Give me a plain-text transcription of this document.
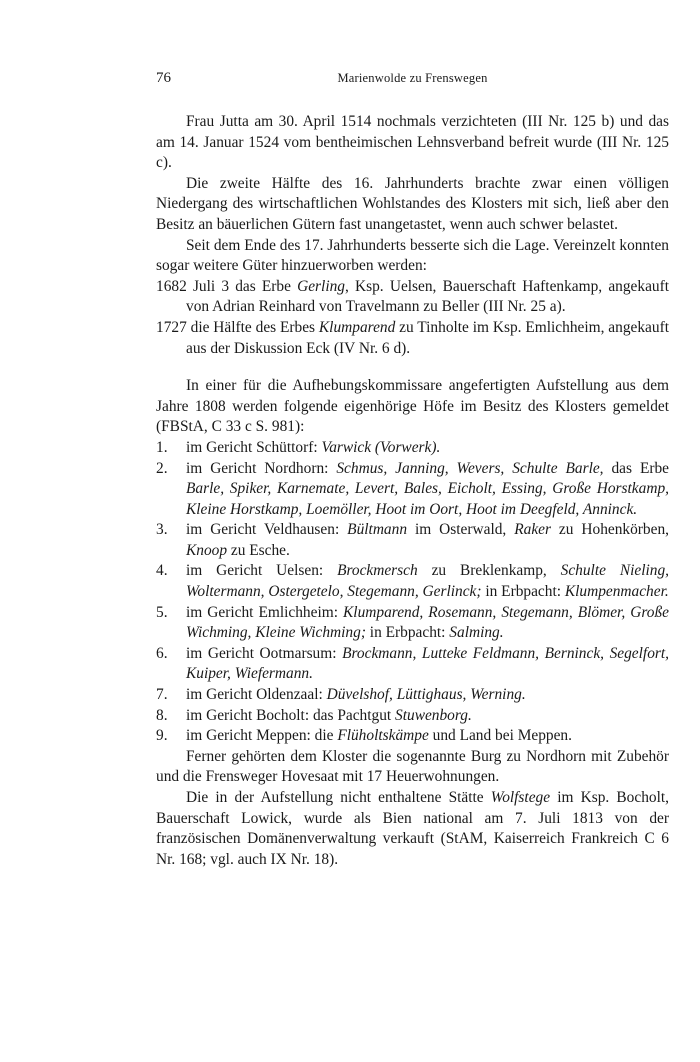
76	Marienwolde zu Frenswegen

Frau Jutta am 30. April 1514 nochmals verzichteten (III Nr. 125 b) und das am 14. Januar 1524 vom bentheimischen Lehnsverband befreit wurde (III Nr. 125 c).

Die zweite Hälfte des 16. Jahrhunderts brachte zwar einen völligen Niedergang des wirtschaftlichen Wohlstandes des Klosters mit sich, ließ aber den Besitz an bäuerlichen Gütern fast unangetastet, wenn auch schwer belastet.

Seit dem Ende des 17. Jahrhunderts besserte sich die Lage. Vereinzelt konnten sogar weitere Güter hinzuerworben werden:

1682 Juli 3 das Erbe Gerling, Ksp. Uelsen, Bauerschaft Haftenkamp, angekauft von Adrian Reinhard von Travelmann zu Beller (III Nr. 25 a).

1727 die Hälfte des Erbes Klumparend zu Tinholte im Ksp. Emlichheim, angekauft aus der Diskussion Eck (IV Nr. 6 d).

In einer für die Aufhebungskommissare angefertigten Aufstellung aus dem Jahre 1808 werden folgende eigenhörige Höfe im Besitz des Klosters gemeldet (FBStA, C 33 c S. 981):

1. im Gericht Schüttorf: Varwick (Vorwerk).
2. im Gericht Nordhorn: Schmus, Janning, Wevers, Schulte Barle, das Erbe Barle, Spiker, Karnemate, Levert, Bales, Eicholt, Essing, Große Horstkamp, Kleine Horstkamp, Loemöller, Hoot im Oort, Hoot im Deegfeld, Anninck.
3. im Gericht Veldhausen: Bültmann im Osterwald, Raker zu Hohenkörben, Knoop zu Esche.
4. im Gericht Uelsen: Brockmersch zu Breklenkamp, Schulte Nieling, Woltermann, Ostergetelo, Stegemann, Gerlinck; in Erbpacht: Klumpenmacher.
5. im Gericht Emlichheim: Klumparend, Rosemann, Stegemann, Blömer, Große Wichming, Kleine Wichming; in Erbpacht: Salming.
6. im Gericht Ootmarsum: Brockmann, Lutteke Feldmann, Berninck, Segelfort, Kuiper, Wiefermann.
7. im Gericht Oldenzaal: Düvelshof, Lüttighaus, Werning.
8. im Gericht Bocholt: das Pachtgut Stuwenborg.
9. im Gericht Meppen: die Flüholtskämpe und Land bei Meppen.

Ferner gehörten dem Kloster die sogenannte Burg zu Nordhorn mit Zubehör und die Frensweger Hovesaat mit 17 Heuerwohnungen.

Die in der Aufstellung nicht enthaltene Stätte Wolfstege im Ksp. Bocholt, Bauerschaft Lowick, wurde als Bien national am 7. Juli 1813 von der französischen Domänenverwaltung verkauft (StAM, Kaiserreich Frankreich C 6 Nr. 168; vgl. auch IX Nr. 18).
